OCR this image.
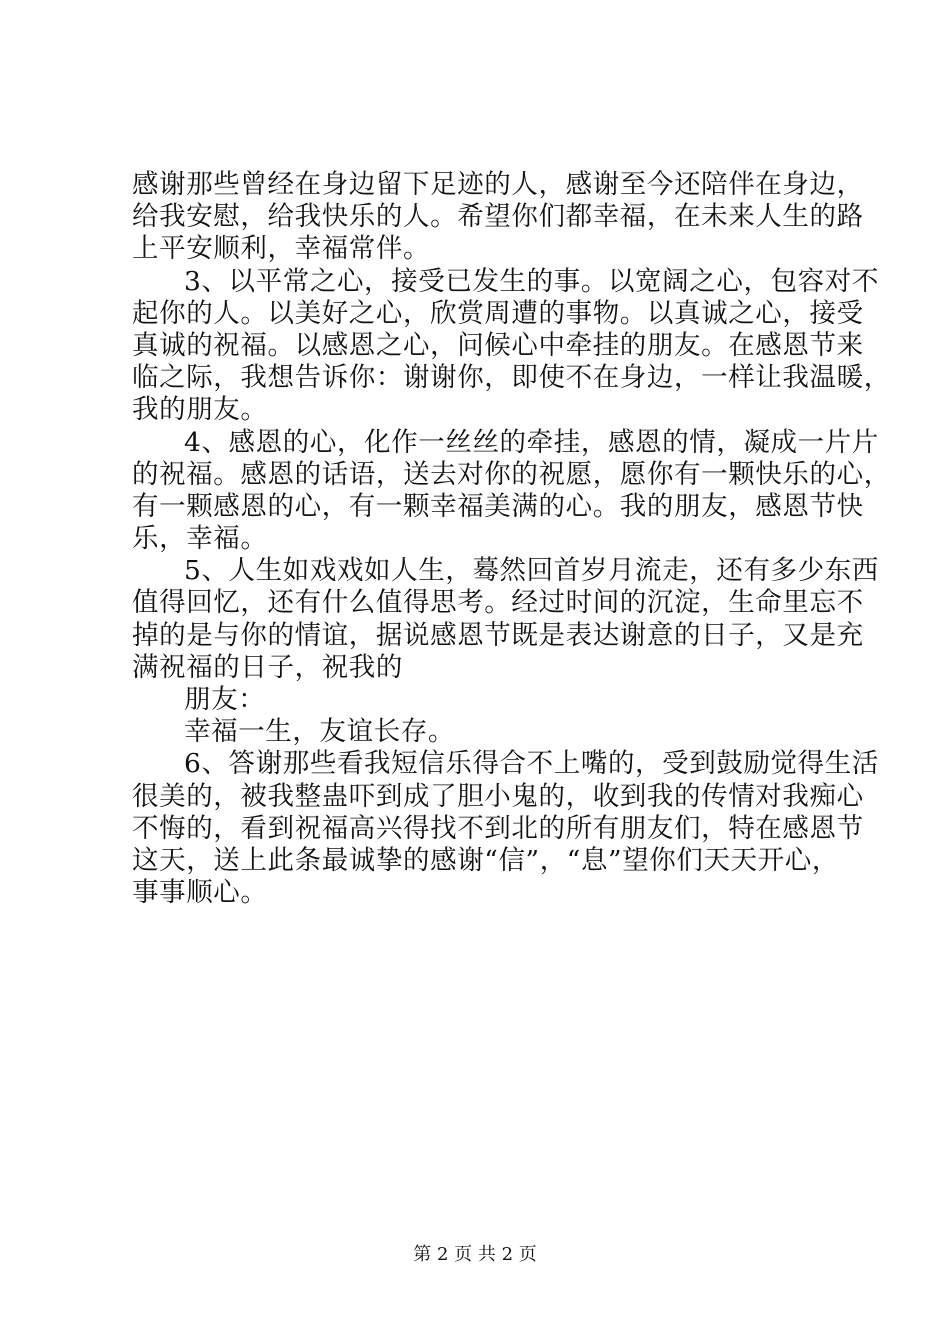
感谢那些曾经在身边留下足迹的人，感谢至今还陪伴在身边，
给我安慰，给我快乐的人。希望你们都幸福，在未来人生的路
上平安顺利，幸福常伴。
3、以平常之心，接受已发生的事。以宽阔之心，包容对不
起你的人。以美好之心，欣赏周遭的事物。以真诚之心，接受
真诚的祝福。以感恩之心，问候心中牵挂的朋友。在感恩节来
临之际，我想告诉你：谢谢你，即使不在身边，一样让我温暖，
我的朋友。
4、感恩的心，化作一丝丝的牵挂，感恩的情，凝成一片片
的祝福。感恩的话语，送去对你的祝愿，愿你有一颗快乐的心，
有一颗感恩的心，有一颗幸福美满的心。我的朋友，感恩节快
乐，幸福。
5、人生如戏戏如人生，蓦然回首岁月流走，还有多少东西
值得回忆，还有什么值得思考。经过时间的沉淀，生命里忘不
掉的是与你的情谊，据说感恩节既是表达谢意的日子，又是充
满祝福的日子，祝我的
朋友：
幸福一生，友谊长存。
6、答谢那些看我短信乐得合不上嘴的，受到鼓励觉得生活
很美的，被我整蛊吓到成了胆小鬼的，收到我的传情对我痴心
不悔的，看到祝福高兴得找不到北的所有朋友们，特在感恩节
这天，送上此条最诚挚的感谢“信”，“息”望你们天天开心，
事事顺心。
第 2 页 共 2 页
